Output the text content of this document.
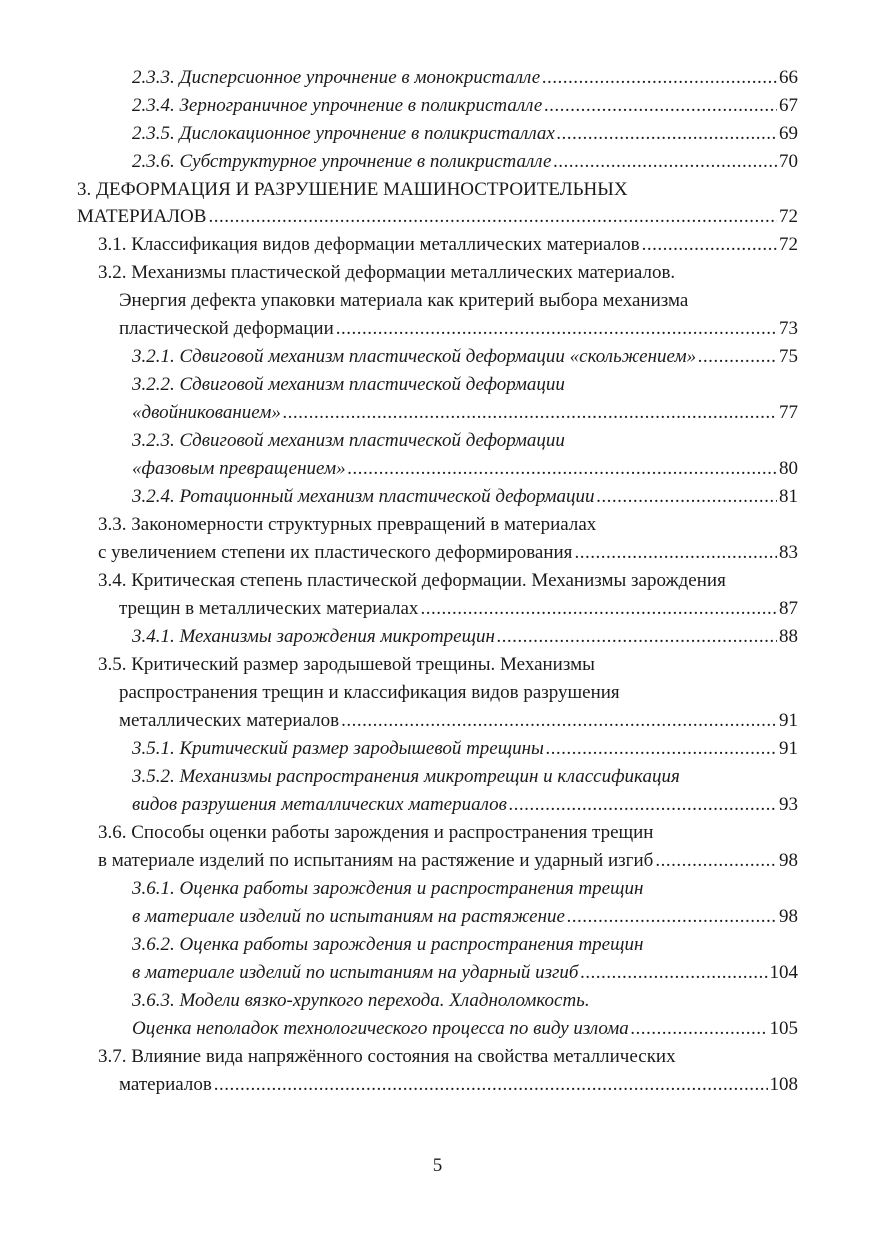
2.3.3. Дисперсионное упрочнение в монокристалле .....	66
2.3.4. Зернограничное упрочнение в поликристалле .....	67
2.3.5. Дислокационное упрочнение в поликристаллах .....	69
2.3.6. Субструктурное упрочнение в поликристалле .....	70
3. ДЕФОРМАЦИЯ И РАЗРУШЕНИЕ МАШИНОСТРОИТЕЛЬНЫХ
МАТЕРИАЛОВ .....	72
3.1. Классификация видов деформации металлических материалов .....	72
3.2. Механизмы пластической деформации металлических материалов.
Энергия дефекта упаковки материала как критерий выбора механизма
пластической деформации .....	73
3.2.1. Сдвиговой механизм пластической деформации «скольжением» .....	75
3.2.2. Сдвиговой механизм пластической деформации
«двойникованием» .....	77
3.2.3. Сдвиговой механизм пластической деформации
«фазовым превращением» .....	80
3.2.4. Ротационный механизм пластической деформации .....	81
3.3. Закономерности структурных превращений в материалах
с увеличением степени их пластического деформирования .....	83
3.4. Критическая степень пластической деформации. Механизмы зарождения
трещин в металлических материалах .....	87
3.4.1. Механизмы зарождения микротрещин .....	88
3.5. Критический размер зародышевой трещины. Механизмы
распространения трещин и классификация видов разрушения
металлических материалов .....	91
3.5.1. Критический размер зародышевой трещины .....	91
3.5.2. Механизмы распространения микротрещин и классификация
видов разрушения металлических материалов .....	93
3.6. Способы оценки работы зарождения и распространения трещин
в материале изделий по испытаниям на растяжение и ударный изгиб .....	98
3.6.1. Оценка работы зарождения и распространения трещин
в материале изделий по испытаниям на растяжение .....	98
3.6.2. Оценка работы зарождения и распространения трещин
в материале изделий по испытаниям на ударный изгиб .....	104
3.6.3. Модели вязко-хрупкого перехода. Хладноломкость.
Оценка неполадок технологического процесса по виду излома .....	105
3.7. Влияние вида напряжённого состояния на свойства металлических
материалов .....	108
5
